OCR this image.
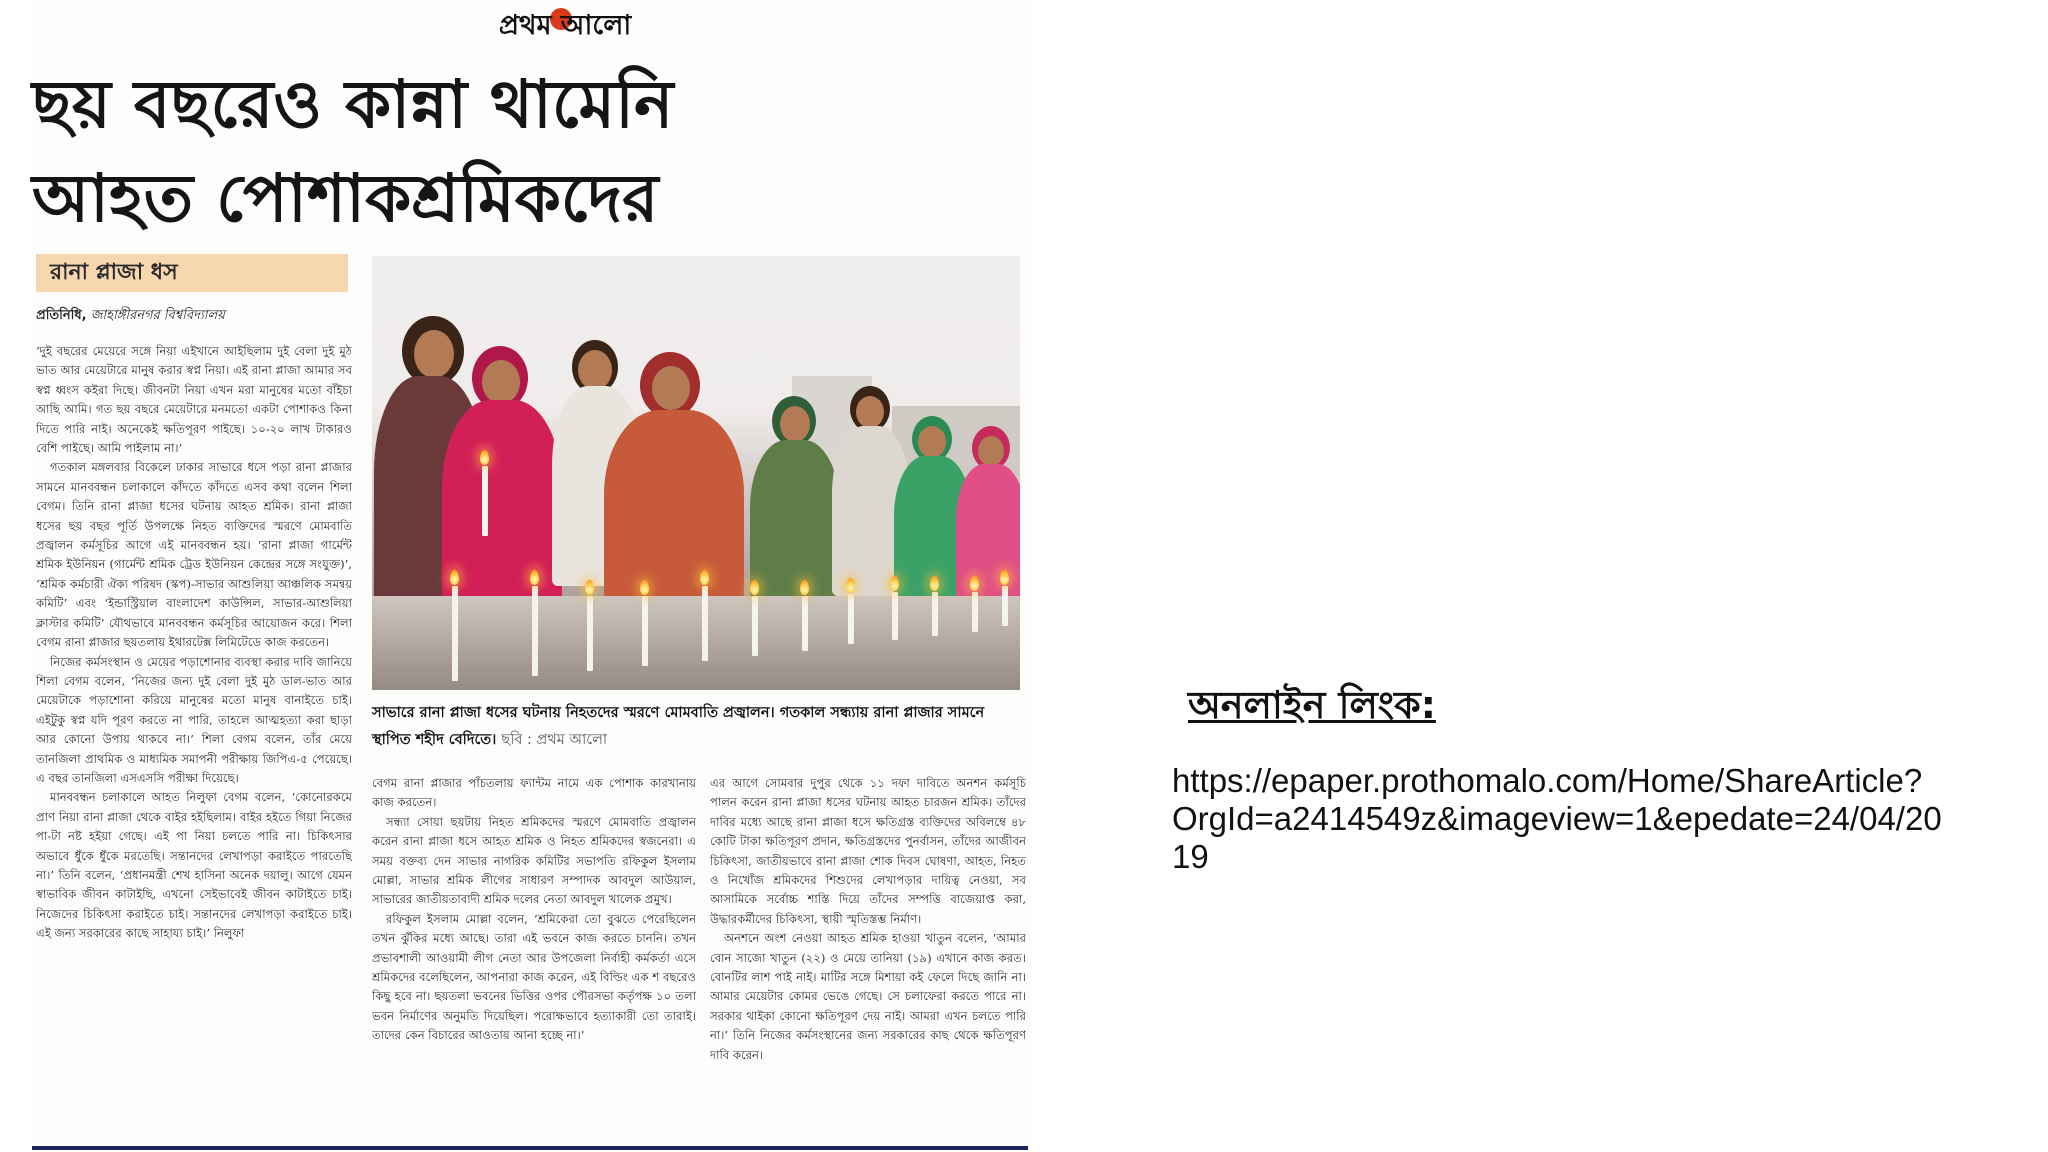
প্রথম আলো
ছয় বছরেও কান্না থামেনি
আহত পোশাকশ্রমিকদের
রানা প্লাজা ধস
প্রতিনিধি, জাহাঙ্গীরনগর বিশ্ববিদ্যালয়

‘দুই বছরের মেয়েরে সঙ্গে নিয়া এইখানে আইছিলাম দুই বেলা দুই মুঠ ভাত আর মেয়েটারে মানুষ করার স্বপ্ন নিয়া। এই রানা প্লাজা আমার সব স্বপ্ন ধ্বংস কইরা দিছে। জীবনটা নিয়া এখন মরা মানুষের মতো বাঁইচা আছি আমি। গত ছয় বছরে মেয়েটারে মনমতো একটা পোশাকও কিনা দিতে পারি নাই। অনেকেই ক্ষতিপূরণ পাইছে। ১০-২০ লাখ টাকারও বেশি পাইছে। আমি পাইলাম না।’

গতকাল মঙ্গলবার বিকেলে ঢাকার সাভারে ধসে পড়া রানা প্লাজার সামনে মানববন্ধন চলাকালে কাঁদতে কাঁদতে এসব কথা বলেন শিলা বেগম। তিনি রানা প্লাজা ধসের ঘটনায় আহত শ্রমিক। রানা প্লাজা ধসের ছয় বছর পূর্তি উপলক্ষে নিহত ব্যক্তিদের স্মরণে মোমবাতি প্রজ্বালন কর্মসূচির আগে এই মানববন্ধন হয়। ‘রানা প্লাজা গার্মেন্ট শ্রমিক ইউনিয়ন (গার্মেন্ট শ্রমিক ট্রেড ইউনিয়ন কেন্দ্রের সঙ্গে সংযুক্ত)’, ‘শ্রমিক কর্মচারী ঐক্য পরিষদ (স্কপ)-সাভার আশুলিয়া আঞ্চলিক সমন্বয় কমিটি’ এবং ‘ইন্ডাস্ট্রিয়াল বাংলাদেশ কাউন্সিল, সাভার-আশুলিয়া ক্লাস্টার কমিটি’ যৌথভাবে মানববন্ধন কর্মসূচির আয়োজন করে। শিলা বেগম রানা প্লাজার ছয়তলায় ইথারটেক্স লিমিটেডে কাজ করতেন।

নিজের কর্মসংস্থান ও মেয়ের পড়াশোনার ব্যবস্থা করার দাবি জানিয়ে শিলা বেগম বলেন, ‘নিজের জন্য দুই বেলা দুই মুঠ ডাল-ভাত আর মেয়েটাকে পড়াশোনা করিয়ে মানুষের মতো মানুষ বানাইতে চাই। এইটুকু স্বপ্ন যদি পূরণ করতে না পারি, তাহলে আত্মহত্যা করা ছাড়া আর কোনো উপায় থাকবে না।’ শিলা বেগম বলেন, তাঁর মেয়ে তানজিলা প্রাথমিক ও মাধ্যমিক সমাপনী পরীক্ষায় জিপিএ-৫ পেয়েছে। এ বছর তানজিলা এসএসসি পরীক্ষা দিয়েছে।

মানববন্ধন চলাকালে আহত নিলুফা বেগম বলেন, ‘কোনোরকমে প্রাণ নিয়া রানা প্লাজা থেকে বাইর হইছিলাম। বাইর হইতে গিয়া নিজের পা-টা নষ্ট হইয়া গেছে। এই পা নিয়া চলতে পারি না। চিকিৎসার অভাবে ধুঁকে ধুঁকে মরতেছি। সন্তানদের লেখাপড়া করাইতে পারতেছি না।’ তিনি বলেন, ‘প্রধানমন্ত্রী শেখ হাসিনা অনেক দয়ালু। আগে যেমন স্বাভাবিক জীবন কাটাইছি, এখনো সেইভাবেই জীবন কাটাইতে চাই। নিজেদের চিকিৎসা করাইতে চাই। সন্তানদের লেখাপড়া করাইতে চাই। এই জন্য সরকারের কাছে সাহায্য চাই।’ নিলুফা

সাভারে রানা প্লাজা ধসের ঘটনায় নিহতদের স্মরণে মোমবাতি প্রজ্বালন। গতকাল সন্ধ্যায় রানা প্লাজার সামনে স্থাপিত শহীদ বেদিতে। ছবি : প্রথম আলো

বেগম রানা প্লাজার পাঁচতলায় ফ্যান্টম নামে এক পোশাক কারখানায় কাজ করতেন।

সন্ধ্যা সোয়া ছয়টায় নিহত শ্রমিকদের স্মরণে মোমবাতি প্রজ্বালন করেন রানা প্লাজা ধসে আহত শ্রমিক ও নিহত শ্রমিকদের স্বজনেরা। এ সময় বক্তব্য দেন সাভার নাগরিক কমিটির সভাপতি রফিকুল ইসলাম মোল্লা, সাভার শ্রমিক লীগের সাধারণ সম্পাদক আবদুল আউয়াল, সাভারের জাতীয়তাবাদী শ্রমিক দলের নেতা আবদুল খালেক প্রমুখ।

রফিকুল ইসলাম মোল্লা বলেন, ‘শ্রমিকেরা তো বুঝতে পেরেছিলেন তখন ঝুঁকির মধ্যে আছে। তারা এই ভবনে কাজ করতে চাননি। তখন প্রভাবশালী আওয়ামী লীগ নেতা আর উপজেলা নির্বাহী কর্মকর্তা এসে শ্রমিকদের বলেছিলেন, আপনারা কাজ করেন, এই বিল্ডিং এক শ বছরেও কিছু হবে না। ছয়তলা ভবনের ভিত্তির ওপর পৌরসভা কর্তৃপক্ষ ১০ তলা ভবন নির্মাণের অনুমতি দিয়েছিল। পরোক্ষভাবে হত্যাকারী তো তারাই। তাদের কেন বিচারের আওতায় আনা হচ্ছে না।’

এর আগে সোমবার দুপুর থেকে ১১ দফা দাবিতে অনশন কর্মসূচি পালন করেন রানা প্লাজা ধসের ঘটনায় আহত চারজন শ্রমিক। তাঁদের দাবির মধ্যে আছে রানা প্লাজা ধসে ক্ষতিগ্রস্ত ব্যক্তিদের অবিলম্বে ৪৮ কোটি টাকা ক্ষতিপূরণ প্রদান, ক্ষতিগ্রস্তদের পুনর্বাসন, তাঁদের আজীবন চিকিৎসা, জাতীয়ভাবে রানা প্লাজা শোক দিবস ঘোষণা, আহত, নিহত ও নিখোঁজ শ্রমিকদের শিশুদের লেখাপড়ার দায়িত্ব নেওয়া, সব আসামিকে সর্বোচ্চ শাস্তি দিয়ে তাঁদের সম্পত্তি বাজেয়াপ্ত করা, উদ্ধারকর্মীদের চিকিৎসা, স্থায়ী স্মৃতিস্তম্ভ নির্মাণ।

অনশনে অংশ নেওয়া আহত শ্রমিক হাওয়া খাতুন বলেন, ‘আমার বোন সাজো খাতুন (২২) ও মেয়ে তানিয়া (১৯) এখানে কাজ করত। বোনটির লাশ পাই নাই। মাটির সঙ্গে মিশায়া কই ফেলে দিছে জানি না। আমার মেয়েটার কোমর ভেঙে গেছে। সে চলাফেরা করতে পারে না। সরকার থাইকা কোনো ক্ষতিপূরণ দেয় নাই। আমরা এখন চলতে পারি না।’ তিনি নিজের কর্মসংস্থানের জন্য সরকারের কাছ থেকে ক্ষতিপূরণ দাবি করেন।

অনলাইন লিংক:
https://epaper.prothomalo.com/Home/ShareArticle?OrgId=a2414549z&imageview=1&epedate=24/04/2019
